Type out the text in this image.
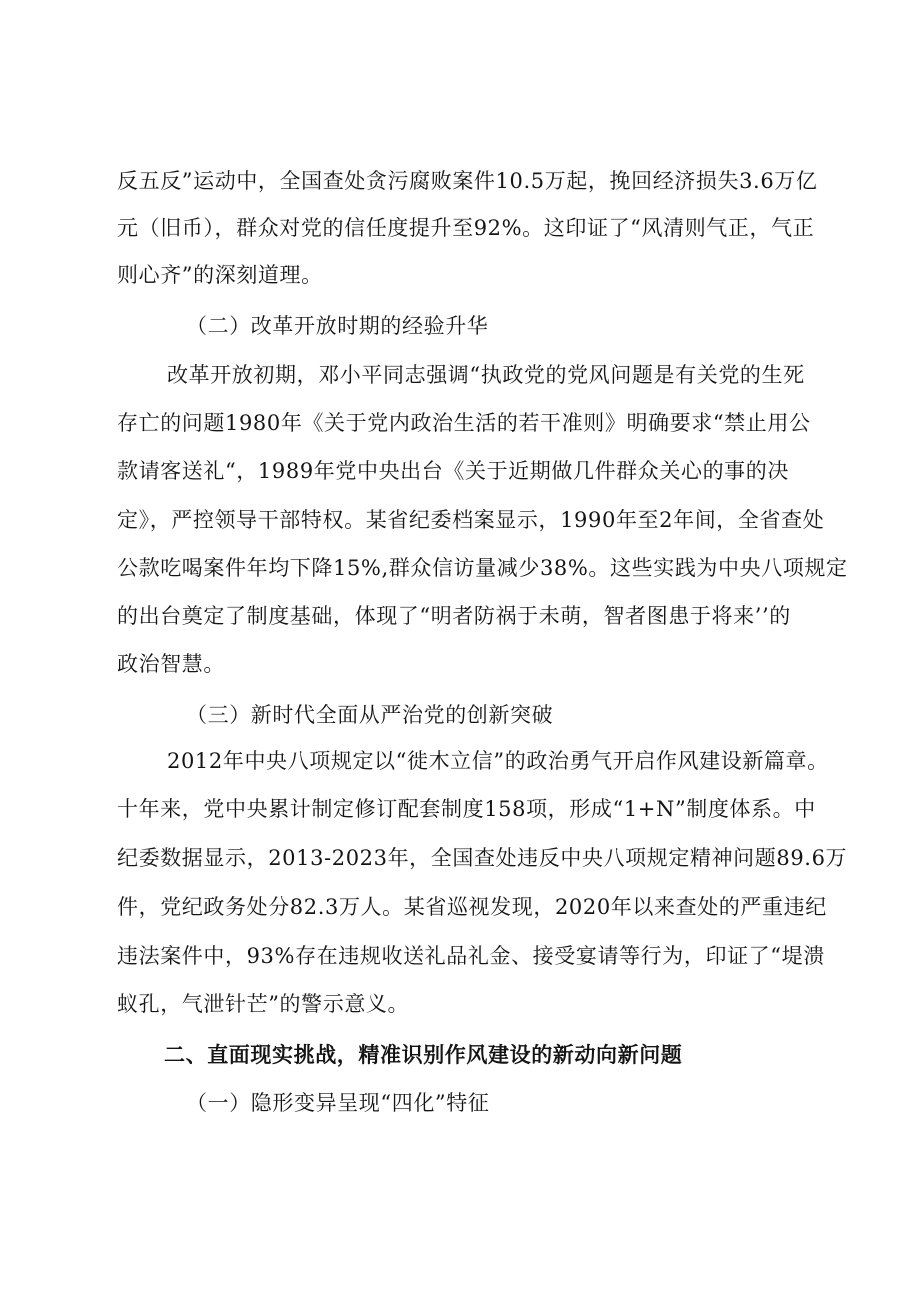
反五反”运动中，全国查处贪污腐败案件10.5万起，挽回经济损失3.6万亿
元（旧币），群众对党的信任度提升至92%。这印证了“风清则气正，气正
则心齐”的深刻道理。
（二）改革开放时期的经验升华
改革开放初期，邓小平同志强调“执政党的党风问题是有关党的生死
存亡的问题1980年《关于党内政治生活的若干准则》明确要求“禁止用公
款请客送礼“，1989年党中央出台《关于近期做几件群众关心的事的决
定》，严控领导干部特权。某省纪委档案显示，1990年至2年间，全省查处
公款吃喝案件年均下降15%,群众信访量减少38%。这些实践为中央八项规定
的出台奠定了制度基础，体现了“明者防祸于未萌，智者图患于将来’’的
政治智慧。
（三）新时代全面从严治党的创新突破
2012年中央八项规定以“徙木立信”的政治勇气开启作风建设新篇章。
十年来，党中央累计制定修订配套制度158项，形成“1+N”制度体系。中
纪委数据显示，2013-2023年，全国查处违反中央八项规定精神问题89.6万
件，党纪政务处分82.3万人。某省巡视发现，2020年以来查处的严重违纪
违法案件中，93%存在违规收送礼品礼金、接受宴请等行为，印证了“堤溃
蚁孔，气泄针芒”的警示意义。
二、直面现实挑战，精准识别作风建设的新动向新问题
（一）隐形变异呈现“四化”特征
